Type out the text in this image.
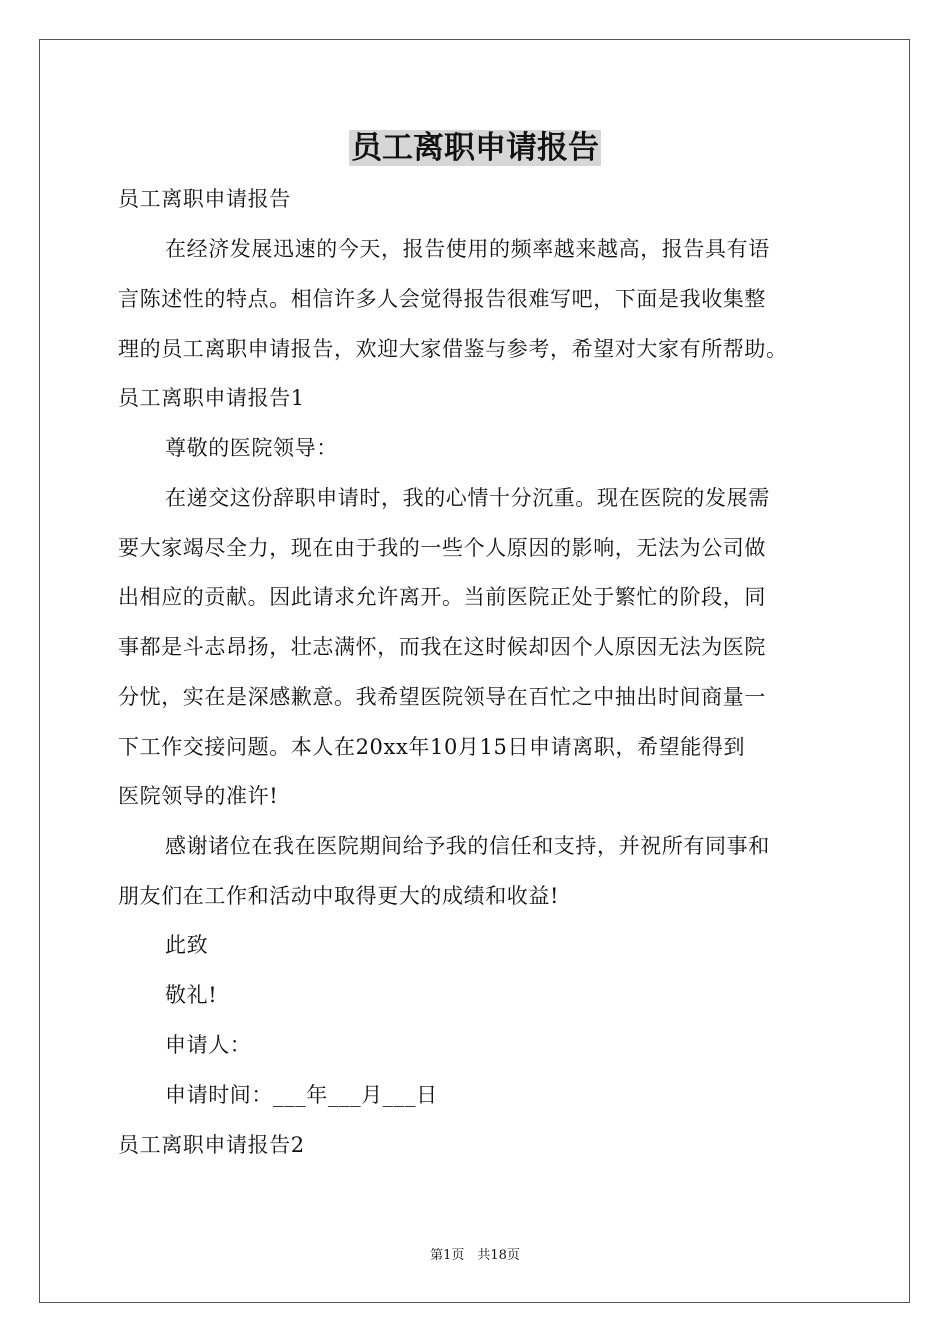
员工离职申请报告

员工离职申请报告

在经济发展迅速的今天，报告使用的频率越来越高，报告具有语

言陈述性的特点。相信许多人会觉得报告很难写吧，下面是我收集整

理的员工离职申请报告，欢迎大家借鉴与参考，希望对大家有所帮助。

员工离职申请报告1

尊敬的医院领导：

在递交这份辞职申请时，我的心情十分沉重。现在医院的发展需

要大家竭尽全力，现在由于我的一些个人原因的影响，无法为公司做

出相应的贡献。因此请求允许离开。当前医院正处于繁忙的阶段，同

事都是斗志昂扬，壮志满怀，而我在这时候却因个人原因无法为医院

分忧，实在是深感歉意。我希望医院领导在百忙之中抽出时间商量一

下工作交接问题。本人在20xx年10月15日申请离职，希望能得到

医院领导的准许!

感谢诸位在我在医院期间给予我的信任和支持，并祝所有同事和

朋友们在工作和活动中取得更大的成绩和收益!

此致

敬礼!

申请人：

申请时间：___年___月___日

员工离职申请报告2

第1页　共18页
